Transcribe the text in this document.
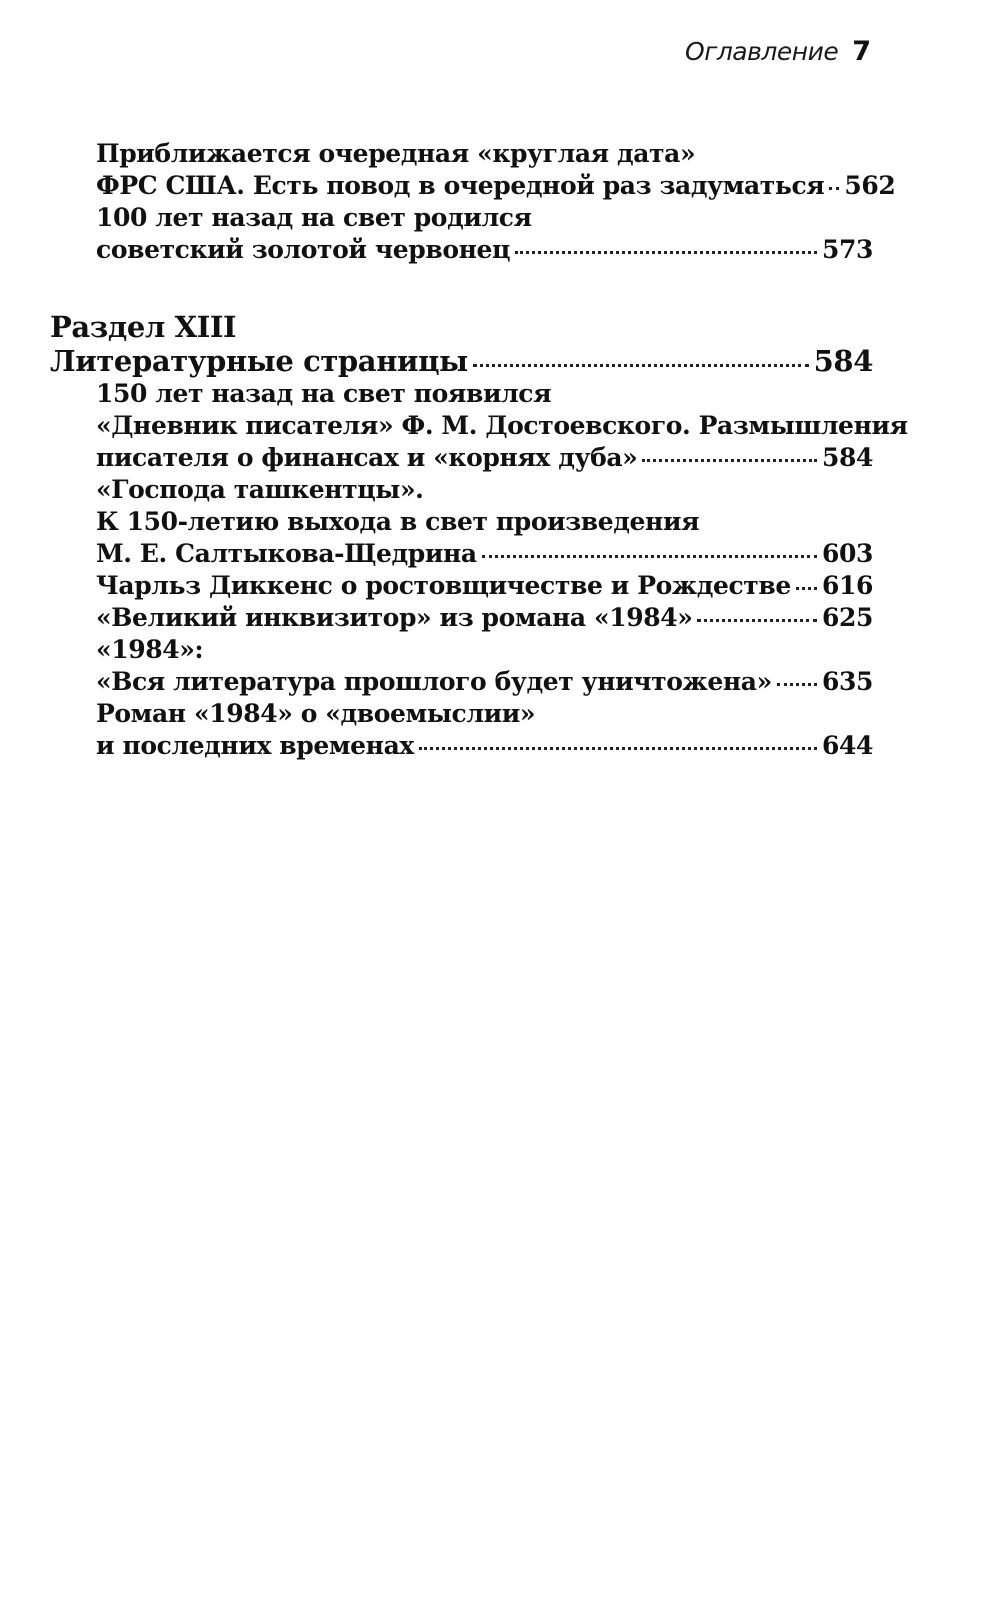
Оглавление 7
Приближается очередная «круглая дата»
ФРС США. Есть повод в очередной раз задуматься 562
100 лет назад на свет родился
советский золотой червонец	573
Раздел XIII
Литературные страницы	584
150 лет назад на свет появился
«Дневник писателя» Ф. М. Достоевского. Размышления
писателя о финансах и «корнях дуба»	584
«Господа ташкентцы».
К 150-летию выхода в свет произведения
М. Е. Салтыкова-Щедрина	603
Чарльз Диккенс о ростовщичестве и Рождестве 616
«Великий инквизитор» из романа «1984»	625
«1984»:
«Вся литература прошлого будет уничтожена» 635
Роман «1984» о «двоемыслии»
и последних временах	644
